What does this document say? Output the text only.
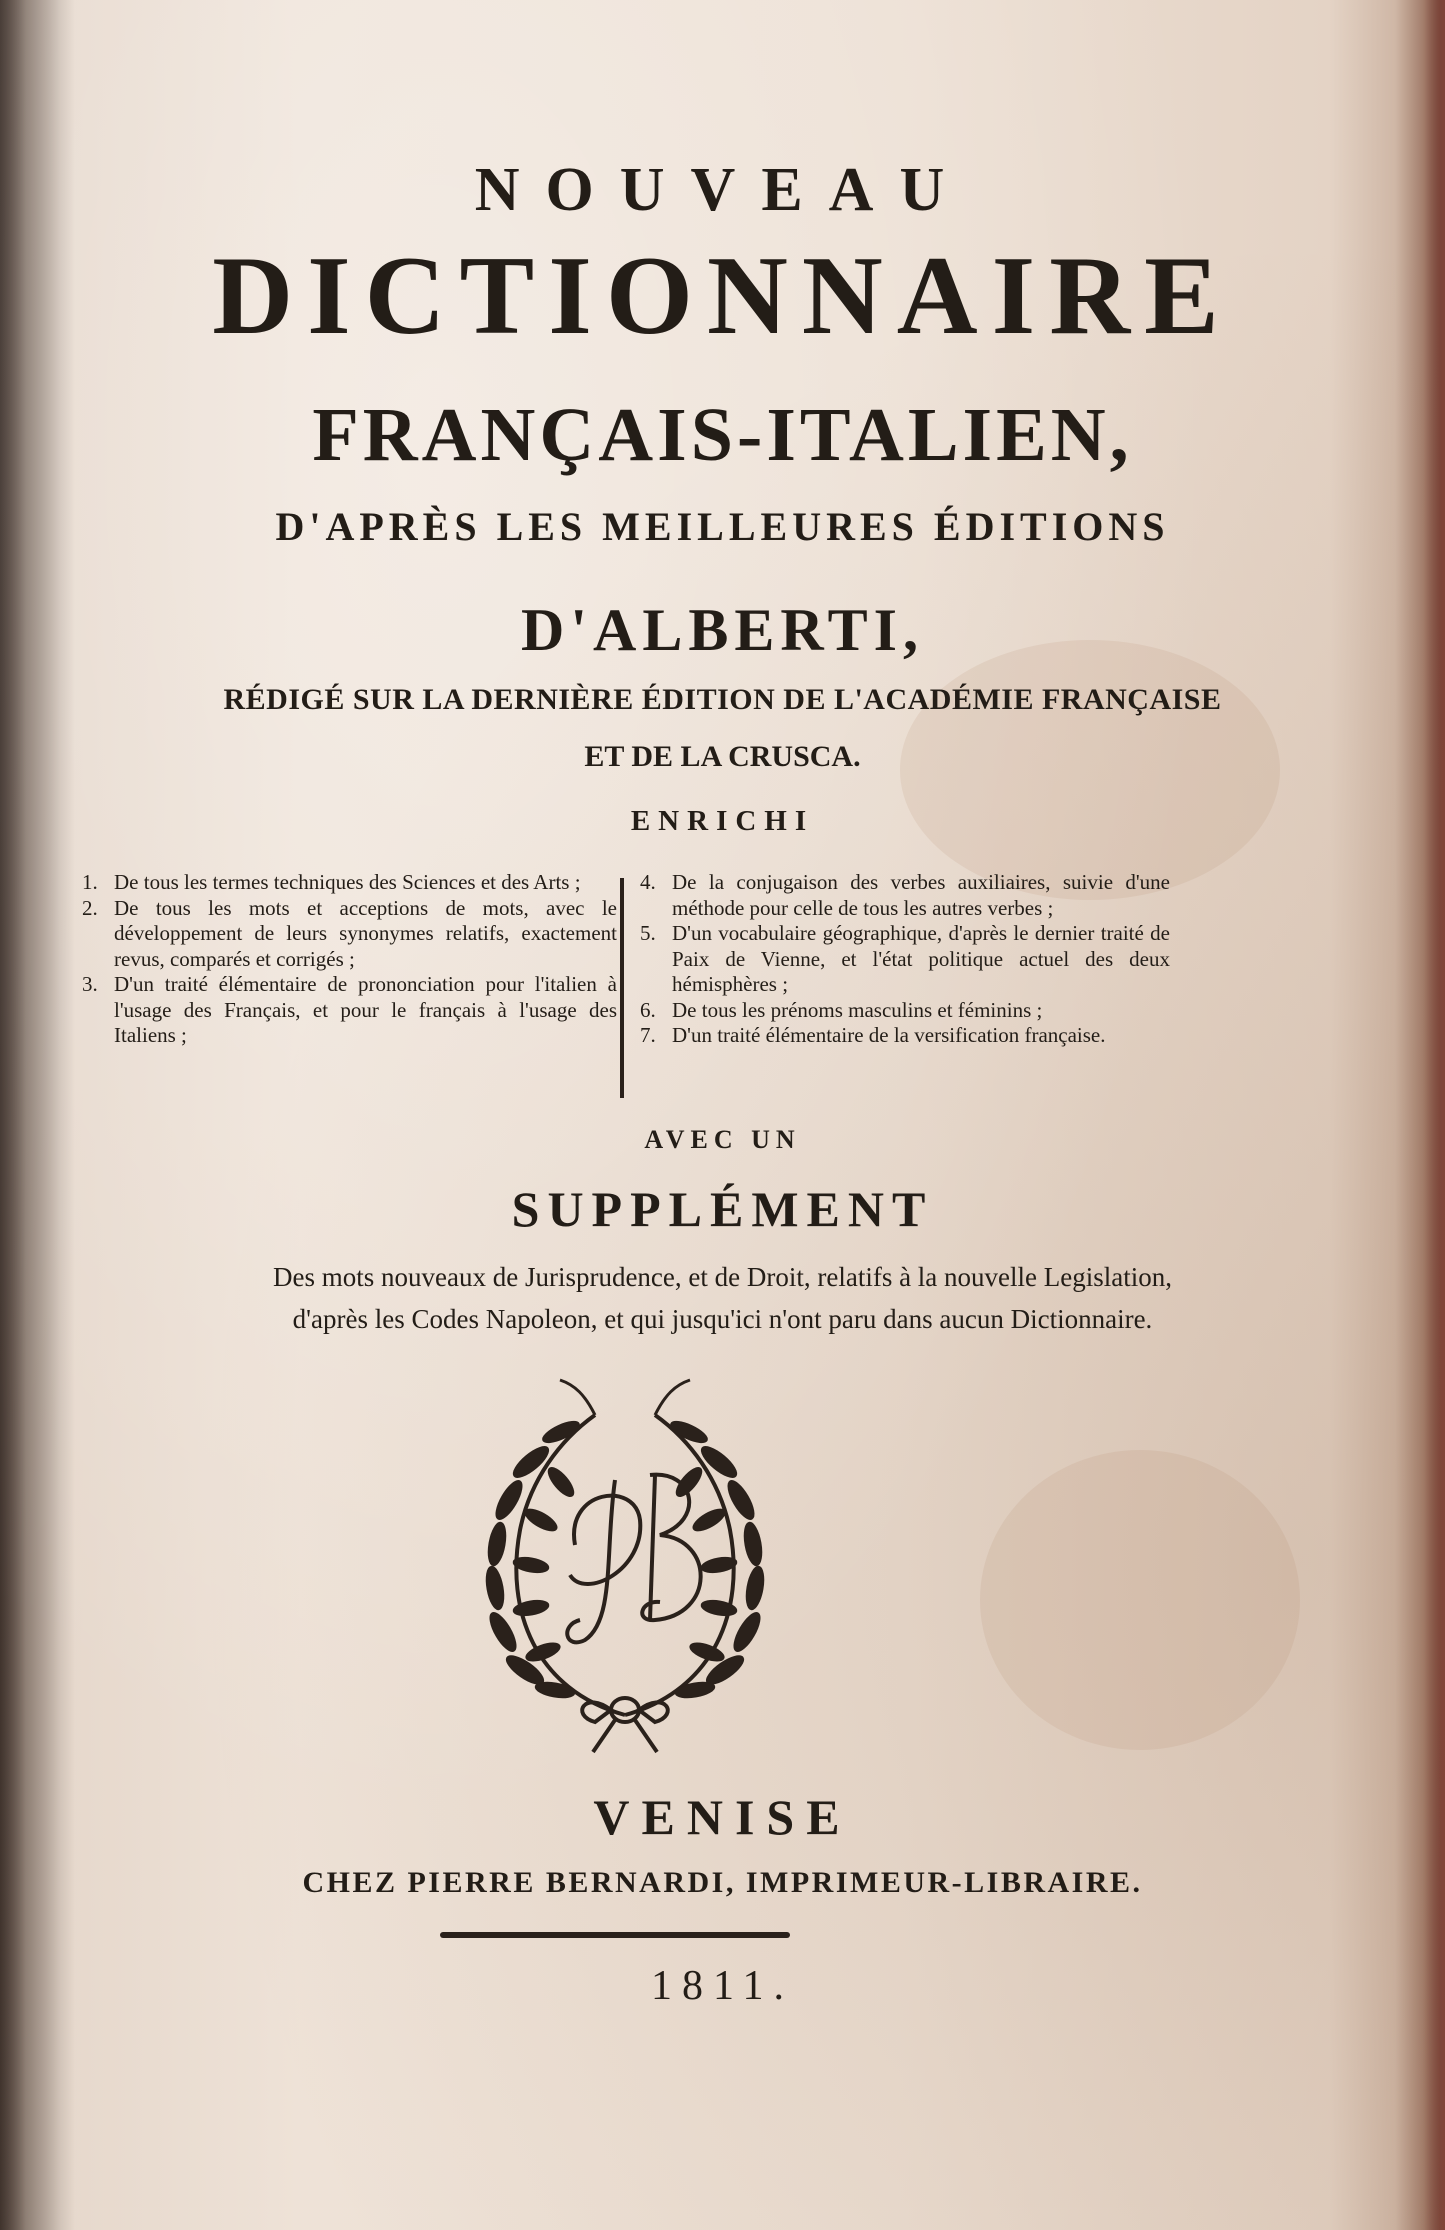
NOUVEAU
DICTIONNAIRE
FRANÇAIS-ITALIEN,
D'APRÈS LES MEILLEURES ÉDITIONS
D'ALBERTI,
RÉDIGÉ SUR LA DERNIÈRE ÉDITION DE L'ACADÉMIE FRANÇAISE
ET DE LA CRUSCA.
ENRICHI
1. De tous les termes techniques des Sciences et des Arts ;
2. De tous les mots et acceptions de mots, avec le développement de leurs synonymes relatifs, exactement revus, comparés et corrigés ;
3. D'un traité élémentaire de prononciation pour l'italien à l'usage des Français, et pour le français à l'usage des Italiens ;
4. De la conjugaison des verbes auxiliaires, suivie d'une méthode pour celle de tous les autres verbes ;
5. D'un vocabulaire géographique, d'après le dernier traité de Paix de Vienne, et l'état politique actuel des deux hémisphères ;
6. De tous les prénoms masculins et féminins ;
7. D'un traité élémentaire de la versification française.
AVEC UN
SUPPLÉMENT
Des mots nouveaux de Jurisprudence, et de Droit, relatifs à la nouvelle Legislation,
d'après les Codes Napoleon, et qui jusqu'ici n'ont paru dans aucun Dictionnaire.
VENISE
CHEZ PIERRE BERNARDI, IMPRIMEUR-LIBRAIRE.
1811.
